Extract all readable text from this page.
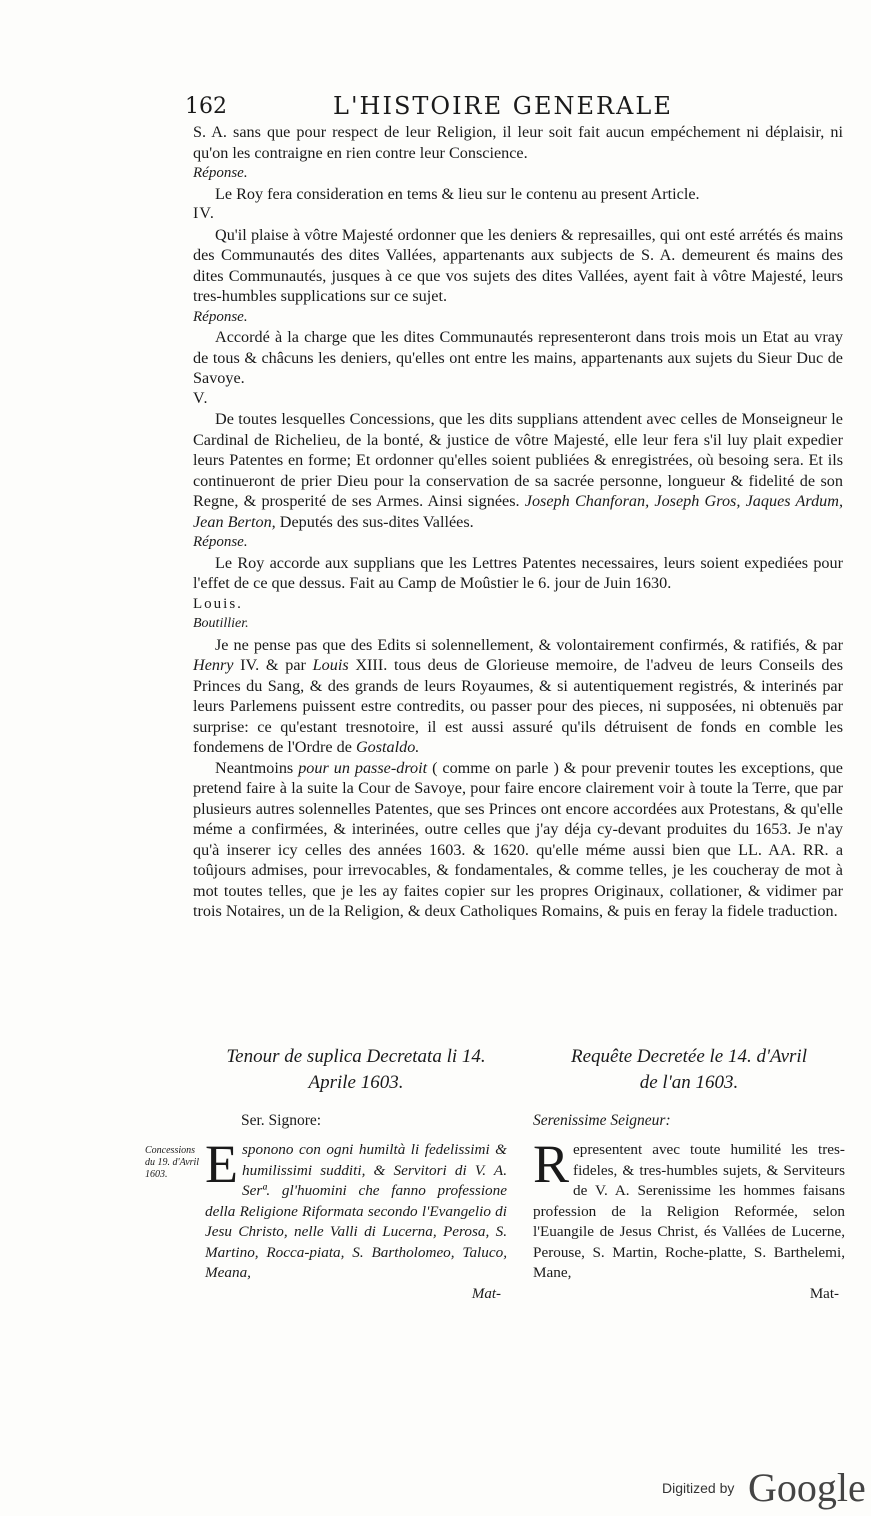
162	L'HISTOIRE GENERALE

S. A. sans que pour respect de leur Religion, il leur soit fait aucun empéchement ni déplaisir, ni qu'on les contraigne en rien contre leur Conscience.

Réponse.

Le Roy fera consideration en tems & lieu sur le contenu au present Article.

IV.

Qu'il plaise à vôtre Majesté ordonner que les deniers & represailles, qui ont esté arrétés és mains des Communautés des dites Vallées, appartenants aux subjects de S. A. demeurent és mains des dites Communautés, jusques à ce que vos sujets des dites Vallées, ayent fait à vôtre Majesté, leurs tres-humbles supplications sur ce sujet.

Réponse.

Accordé à la charge que les dites Communautés representeront dans trois mois un Etat au vray de tous & châcuns les deniers, qu'elles ont entre les mains, appartenants aux sujets du Sieur Duc de Savoye.

V.

De toutes lesquelles Concessions, que les dits supplians attendent avec celles de Monseigneur le Cardinal de Richelieu, de la bonté, & justice de vôtre Majesté, elle leur fera s'il luy plait expedier leurs Patentes en forme; Et ordonner qu'elles soient publiées & enregistrées, où besoing sera. Et ils continueront de prier Dieu pour la conservation de sa sacrée personne, longueur & fidelité de son Regne, & prosperité de ses Armes. Ainsi signées. Joseph Chanforan, Joseph Gros, Jaques Ardum, Jean Berton, Deputés des sus-dites Vallées.

Réponse.

Le Roy accorde aux supplians que les Lettres Patentes necessaires, leurs soient expediées pour l'effet de ce que dessus. Fait au Camp de Moûstier le 6. jour de Juin 1630.

Louis.

Boutillier.

Je ne pense pas que des Edits si solennellement, & volontairement confirmés, & ratifiés, & par Henry IV. & par Louis XIII. tous deus de Glorieuse memoire, de l'adveu de leurs Conseils des Princes du Sang, & des grands de leurs Royaumes, & si autentiquement registrés, & interinés par leurs Parlemens puissent estre contredits, ou passer pour des pieces, ni supposées, ni obtenuës par surprise: ce qu'estant tresnotoire, il est aussi assuré qu'ils détruisent de fonds en comble les fondemens de l'Ordre de Gostaldo.

Neantmoins pour un passe-droit ( comme on parle ) & pour prevenir toutes les exceptions, que pretend faire à la suite la Cour de Savoye, pour faire encore clairement voir à toute la Terre, que par plusieurs autres solennelles Patentes, que ses Princes ont encore accordées aux Protestans, & qu'elle méme a confirmées, & interinées, outre celles que j'ay déja cy-devant produites du 1653. Je n'ay qu'à inserer icy celles des années 1603. & 1620. qu'elle méme aussi bien que LL. AA. RR. a toûjours admises, pour irrevocables, & fondamentales, & comme telles, je les coucheray de mot à mot toutes telles, que je les ay faites copier sur les propres Originaux, collationer, & vidimer par trois Notaires, un de la Religion, & deux Catholiques Romains, & puis en feray la fidele traduction.

Concessions du 19. d'Avril 1603.

Tenour de suplica Decretata li 14.

Aprile 1603.

Ser. Signore:

Esponono con ogni humiltà li fedelissimi & humilissimi sudditi, & Servitori di V. A. Serª. gl'huomini che fanno professione della Religione Riformata secondo l'Evangelio di Jesu Christo, nelle Valli di Lucerna, Perosa, S. Martino, Rocca-piata, S. Bartholomeo, Taluco, Meana,

Mat-

Requête Decretée le 14. d'Avril

de l'an 1603.

Serenissime Seigneur:

Representent avec toute humilité les tres-fideles, & tres-humbles sujets, & Serviteurs de V. A. Serenissime les hommes faisans profession de la Religion Reformée, selon l'Euangile de Jesus Christ, és Vallées de Lucerne, Perouse, S. Martin, Roche-platte, S. Barthelemi, Mane,

Mat-

Digitized by Google
